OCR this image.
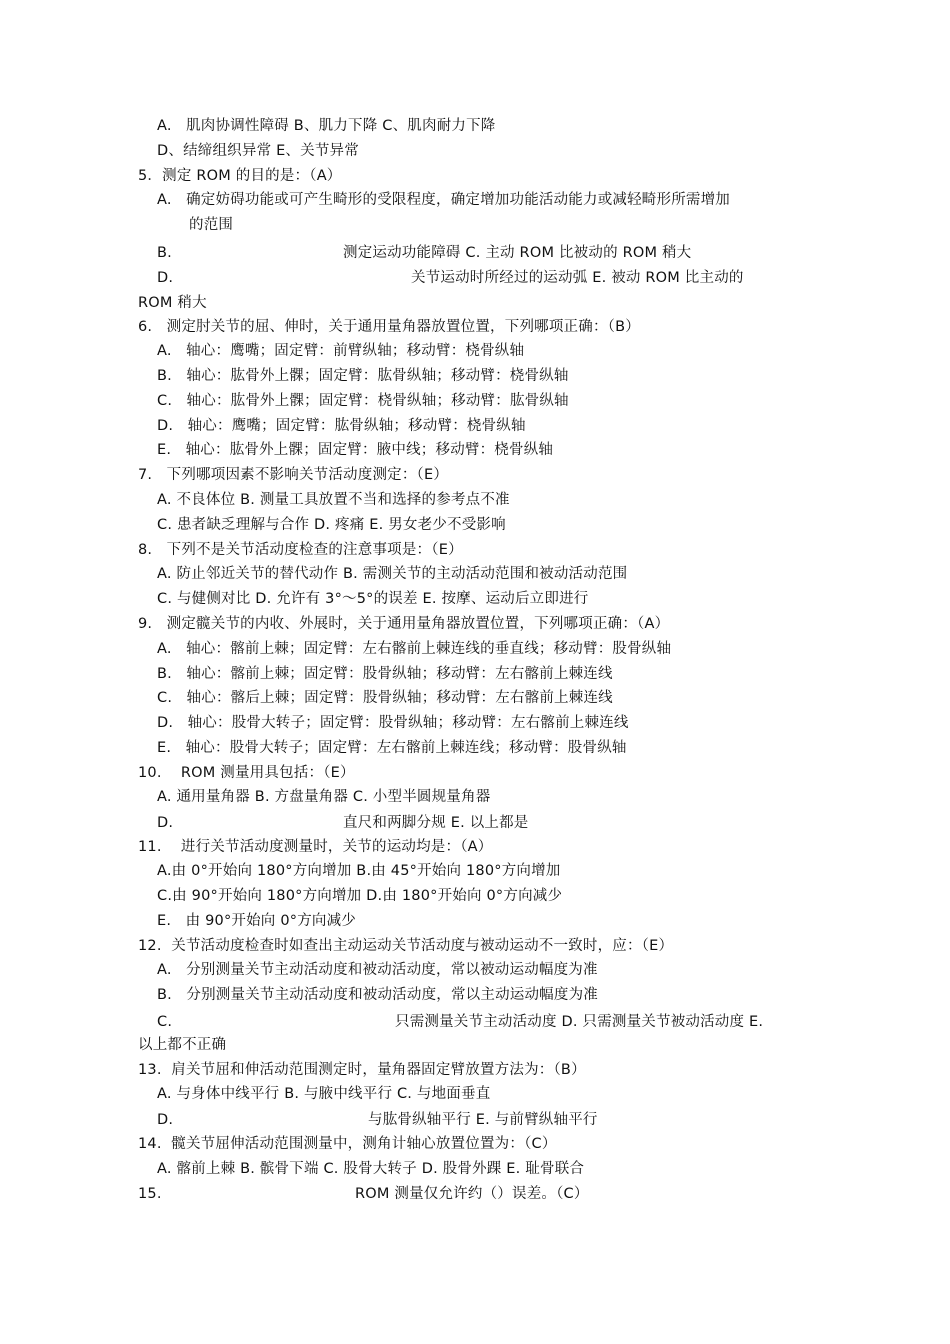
A.   肌肉协调性障碍 B、肌力下降 C、肌肉耐力下降
D、结缔组织异常 E、关节异常
5．测定 ROM 的目的是：（A）
A.   确定妨碍功能或可产生畸形的受限程度，确定增加功能活动能力或减轻畸形所需增加
的范围
B.	测定运动功能障碍 C. 主动 ROM 比被动的 ROM 稍大
D.	关节运动时所经过的运动弧 E. 被动 ROM 比主动的
ROM 稍大
6.   测定肘关节的屈、伸时，关于通用量角器放置位置，下列哪项正确：（B）
A.   轴心：鹰嘴；固定臂：前臂纵轴；移动臂：桡骨纵轴
B.   轴心：肱骨外上髁；固定臂：肱骨纵轴；移动臂：桡骨纵轴
C.   轴心：肱骨外上髁；固定臂：桡骨纵轴；移动臂：肱骨纵轴
D.   轴心：鹰嘴；固定臂：肱骨纵轴；移动臂：桡骨纵轴
E.   轴心：肱骨外上髁；固定臂：腋中线；移动臂：桡骨纵轴
7.   下列哪项因素不影响关节活动度测定：（E）
A. 不良体位 B. 测量工具放置不当和选择的参考点不准
C. 患者缺乏理解与合作 D. 疼痛 E. 男女老少不受影响
8.   下列不是关节活动度检查的注意事项是：（E）
A. 防止邻近关节的替代动作 B. 需测关节的主动活动范围和被动活动范围
C. 与健侧对比 D. 允许有 3°～5°的误差 E. 按摩、运动后立即进行
9.   测定髋关节的内收、外展时，关于通用量角器放置位置，下列哪项正确：（A）
A.   轴心：髂前上棘；固定臂：左右髂前上棘连线的垂直线；移动臂：股骨纵轴
B.   轴心：髂前上棘；固定臂：股骨纵轴；移动臂：左右髂前上棘连线
C.   轴心：髂后上棘；固定臂：股骨纵轴；移动臂：左右髂前上棘连线
D.   轴心：股骨大转子；固定臂：股骨纵轴；移动臂：左右髂前上棘连线
E.   轴心：股骨大转子；固定臂：左右髂前上棘连线；移动臂：股骨纵轴
10.    ROM 测量用具包括：（E）
A. 通用量角器 B. 方盘量角器 C. 小型半圆规量角器
D.	直尺和两脚分规 E. 以上都是
11.    进行关节活动度测量时，关节的运动均是：（A）
A.由 0°开始向 180°方向增加 B.由 45°开始向 180°方向增加
C.由 90°开始向 180°方向增加 D.由 180°开始向 0°方向减少
E.   由 90°开始向 0°方向减少
12.  关节活动度检查时如查出主动运动关节活动度与被动运动不一致时，应：（E）
A.   分别测量关节主动活动度和被动活动度，常以被动运动幅度为准
B.   分别测量关节主动活动度和被动活动度，常以主动运动幅度为准
C.	只需测量关节主动活动度 D. 只需测量关节被动活动度 E.
以上都不正确
13.  肩关节屈和伸活动范围测定时，量角器固定臂放置方法为：（B）
A. 与身体中线平行 B. 与腋中线平行 C. 与地面垂直
D.	与肱骨纵轴平行 E. 与前臂纵轴平行
14.  髋关节屈伸活动范围测量中，测角计轴心放置位置为：（C）
A. 髂前上棘 B. 髌骨下端 C. 股骨大转子 D. 股骨外踝 E. 耻骨联合
15.	ROM 测量仅允许约（）误差。（C）
